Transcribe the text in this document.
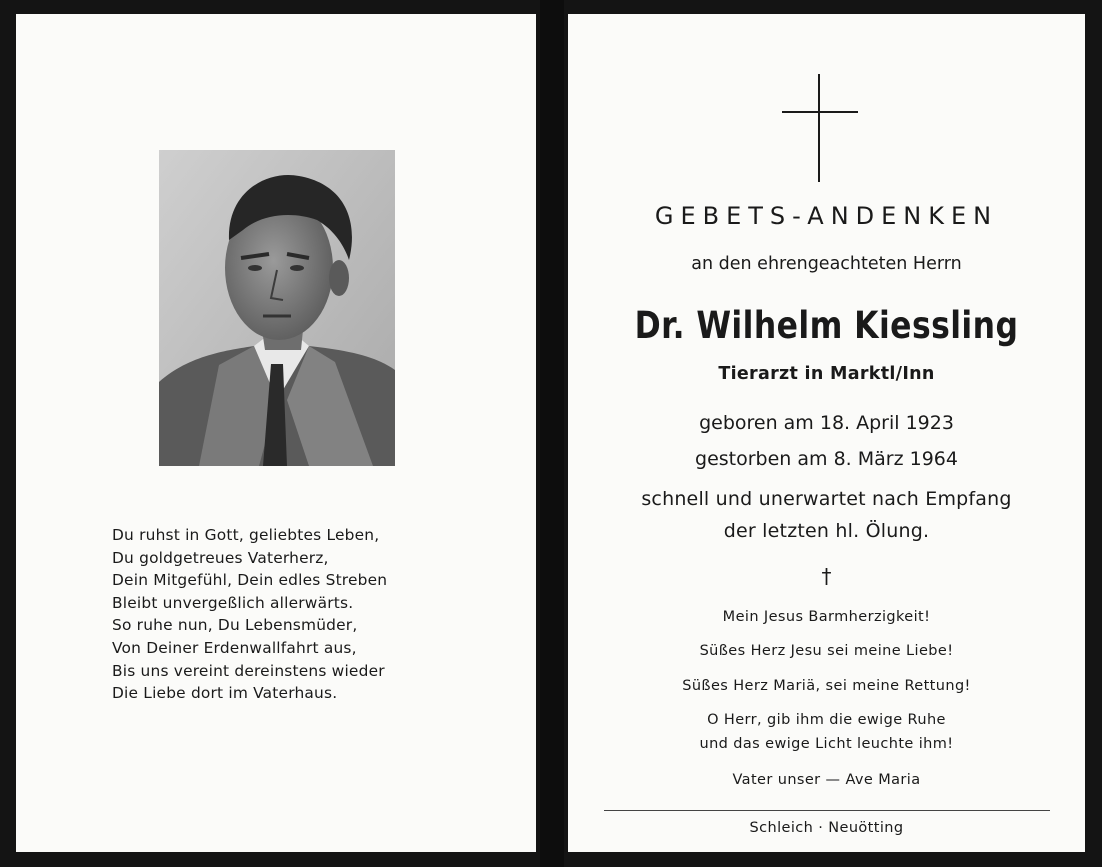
Du ruhst in Gott, geliebtes Leben,
Du goldgetreues Vaterherz,
Dein Mitgefühl, Dein edles Streben
Bleibt unvergeßlich allerwärts.
So ruhe nun, Du Lebensmüder,
Von Deiner Erdenwallfahrt aus,
Bis uns vereint dereinstens wieder
Die Liebe dort im Vaterhaus.
GEBETS-ANDENKEN
an den ehrengeachteten Herrn
Dr. Wilhelm Kiessling
Tierarzt in Marktl/Inn
geboren am 18. April 1923
gestorben am 8. März 1964
schnell und unerwartet nach Empfang
der letzten hl. Ölung.
†
Mein Jesus Barmherzigkeit!
Süßes Herz Jesu sei meine Liebe!
Süßes Herz Mariä, sei meine Rettung!
O Herr, gib ihm die ewige Ruhe
und das ewige Licht leuchte ihm!
Vater unser — Ave Maria
Schleich · Neuötting
